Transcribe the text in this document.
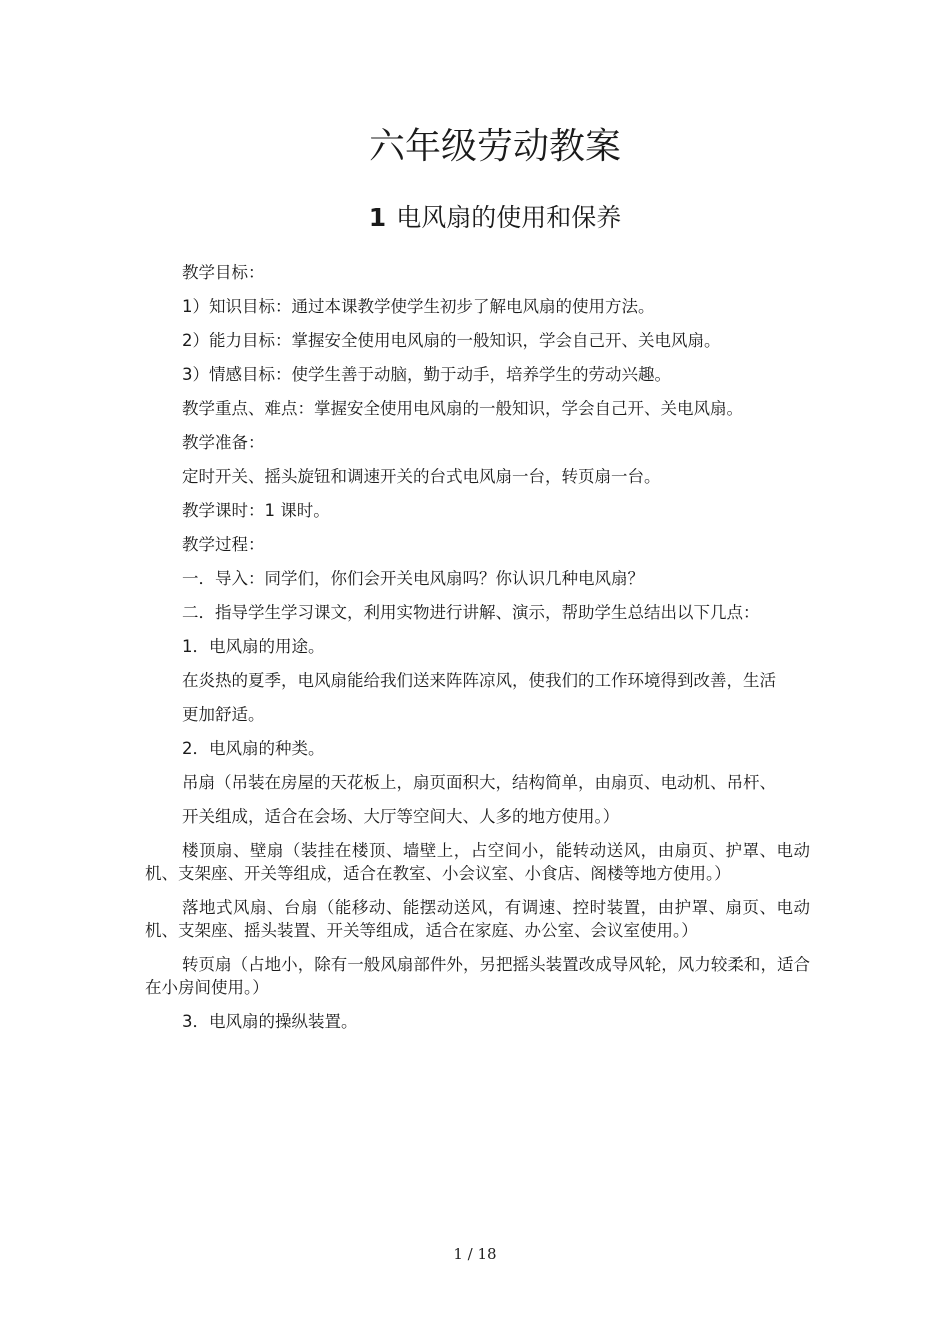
六年级劳动教案
1 电风扇的使用和保养

教学目标：

1）知识目标：通过本课教学使学生初步了解电风扇的使用方法。

2）能力目标：掌握安全使用电风扇的一般知识，学会自己开、关电风扇。

3）情感目标：使学生善于动脑，勤于动手，培养学生的劳动兴趣。

教学重点、难点：掌握安全使用电风扇的一般知识，学会自己开、关电风扇。

教学准备：

定时开关、摇头旋钮和调速开关的台式电风扇一台，转页扇一台。

教学课时：1 课时。

教学过程：

一．导入：同学们，你们会开关电风扇吗？你认识几种电风扇？

二．指导学生学习课文，利用实物进行讲解、演示，帮助学生总结出以下几点：

1．电风扇的用途。

在炎热的夏季，电风扇能给我们送来阵阵凉风，使我们的工作环境得到改善，生活

更加舒适。

2．电风扇的种类。

吊扇（吊装在房屋的天花板上，扇页面积大，结构简单，由扇页、电动机、吊杆、

开关组成，适合在会场、大厅等空间大、人多的地方使用。）

楼顶扇、壁扇（装挂在楼顶、墙壁上，占空间小，能转动送风，由扇页、护罩、电动机、支架座、开关等组成，适合在教室、小会议室、小食店、阁楼等地方使用。）

落地式风扇、台扇（能移动、能摆动送风，有调速、控时装置，由护罩、扇页、电动机、支架座、摇头装置、开关等组成，适合在家庭、办公室、会议室使用。）

转页扇（占地小，除有一般风扇部件外，另把摇头装置改成导风轮，风力较柔和，适合在小房间使用。）

3．电风扇的操纵装置。

1 / 18
